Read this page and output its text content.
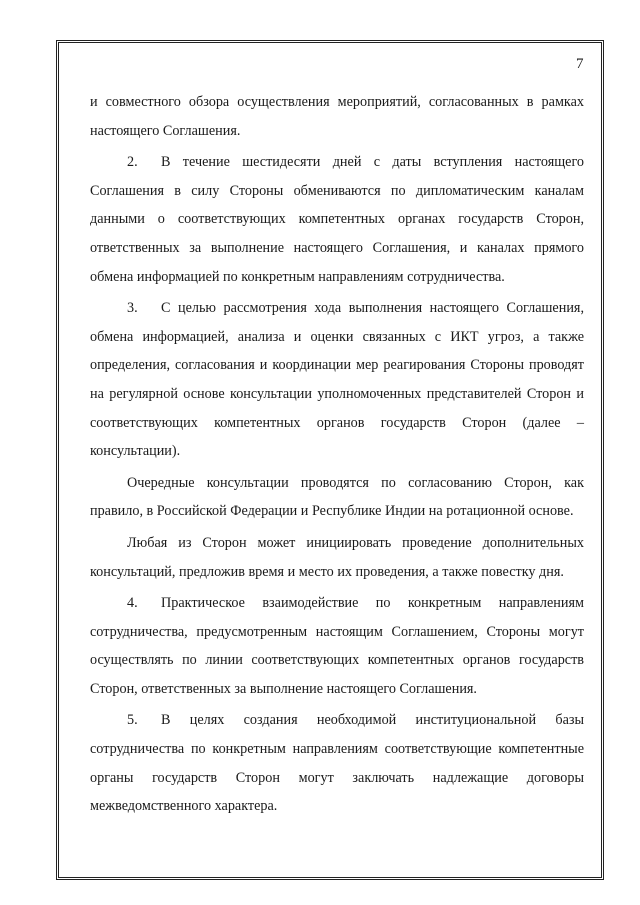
7

и совместного обзора осуществления мероприятий, согласованных в рамках настоящего Соглашения.

2. В течение шестидесяти дней с даты вступления настоящего Соглашения в силу Стороны обмениваются по дипломатическим каналам данными о соответствующих компетентных органах государств Сторон, ответственных за выполнение настоящего Соглашения, и каналах прямого обмена информацией по конкретным направлениям сотрудничества.

3. С целью рассмотрения хода выполнения настоящего Соглашения, обмена информацией, анализа и оценки связанных с ИКТ угроз, а также определения, согласования и координации мер реагирования Стороны проводят на регулярной основе консультации уполномоченных представителей Сторон и соответствующих компетентных органов государств Сторон (далее – консультации).

Очередные консультации проводятся по согласованию Сторон, как правило, в Российской Федерации и Республике Индии на ротационной основе.

Любая из Сторон может инициировать проведение дополнительных консультаций, предложив время и место их проведения, а также повестку дня.

4. Практическое взаимодействие по конкретным направлениям сотрудничества, предусмотренным настоящим Соглашением, Стороны могут осуществлять по линии соответствующих компетентных органов государств Сторон, ответственных за выполнение настоящего Соглашения.

5. В целях создания необходимой институциональной базы сотрудничества по конкретным направлениям соответствующие компетентные органы государств Сторон могут заключать надлежащие договоры межведомственного характера.
